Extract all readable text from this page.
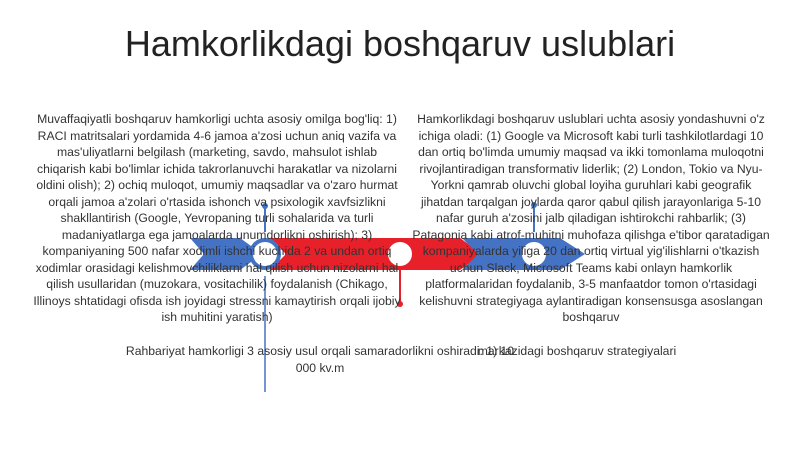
Hamkorlikdagi boshqaruv uslublari
Muvaffaqiyatli boshqaruv hamkorligi uchta asosiy omilga bog'liq: 1) RACI matritsalari yordamida 4-6 jamoa a'zosi uchun aniq vazifa va mas'uliyatlarni belgilash (marketing, savdo, mahsulot ishlab chiqarish kabi bo'limlar ichida takrorlanuvchi harakatlar va nizolarni oldini olish); 2) ochiq muloqot, umumiy maqsadlar va o'zaro hurmat orqali jamoa a'zolari o'rtasida ishonch va psixologik xavfsizlikni shakllantirish (Google, Yevropaning turli sohalarida va turli madaniyatlarga ega jamoalarda unumdorlikni oshirish); 3) kompaniyaning 500 nafar xodimli ishchi kuchida 2 va undan ortiq xodimlar orasidagi kelishmovchiliklarni hal qilish uchun nizolarni hal qilish usullaridan (muzokara, vositachilik) foydalanish (Chikago, Illinoys shtatidagi ofisda ish joyidagi stressni kamaytirish orqali ijobiy ish muhitini yaratish)
Hamkorlikdagi boshqaruv uslublari uchta asosiy yondashuvni o'z ichiga oladi: (1) Google va Microsoft kabi turli tashkilotlardagi 10 dan ortiq bo'limda umumiy maqsad va ikki tomonlama muloqotni rivojlantiradigan transformativ liderlik; (2) London, Tokio va Nyu-Yorkni qamrab oluvchi global loyiha guruhlari kabi geografik jihatdan tarqalgan joylarda qaror qabul qilish jarayonlariga 5-10 nafar guruh a'zosini jalb qiladigan ishtirokchi rahbarlik; (3) Patagonia kabi atrof-muhitni muhofaza qilishga e'tibor qaratadigan kompaniyalarda yiliga 20 dan ortiq virtual yig'ilishlarni o'tkazish uchun Slack, Microsoft Teams kabi onlayn hamkorlik platformalaridan foydalanib, 3-5 manfaatdor tomon o'rtasidagi kelishuvni strategiyaga aylantiradigan konsensusga asoslangan boshqaruv
Rahbariyat hamkorligi 3 asosiy usul orqali samaradorlikni oshiradi: 1) 10 000 kv.m
markazidagi boshqaruv strategiyalari
